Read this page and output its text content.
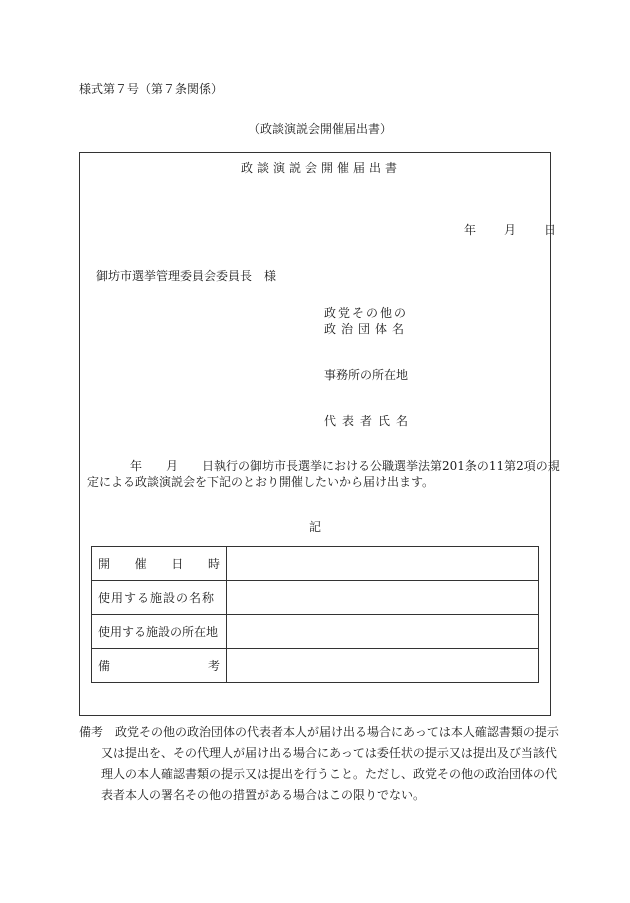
様式第７号（第７条関係）
（政談演説会開催届出書）
政談演説会開催届出書
年 月 日
御坊市選挙管理委員会委員長　様
政党その他の
政治団体名
事務所の所在地
代表者氏名
年　　月　　日執行の御坊市長選挙における公職選挙法第201条の11第2項の規
定による政談演説会を下記のとおり開催したいから届け出ます。
記
開 催 日 時	

使用する施設の名称	
使用する施設の所在地	

備 考	

備考　政党その他の政治団体の代表者本人が届け出る場合にあっては本人確認書類の提示
又は提出を、その代理人が届け出る場合にあっては委任状の提示又は提出及び当該代
理人の本人確認書類の提示又は提出を行うこと。ただし、政党その他の政治団体の代
表者本人の署名その他の措置がある場合はこの限りでない。
